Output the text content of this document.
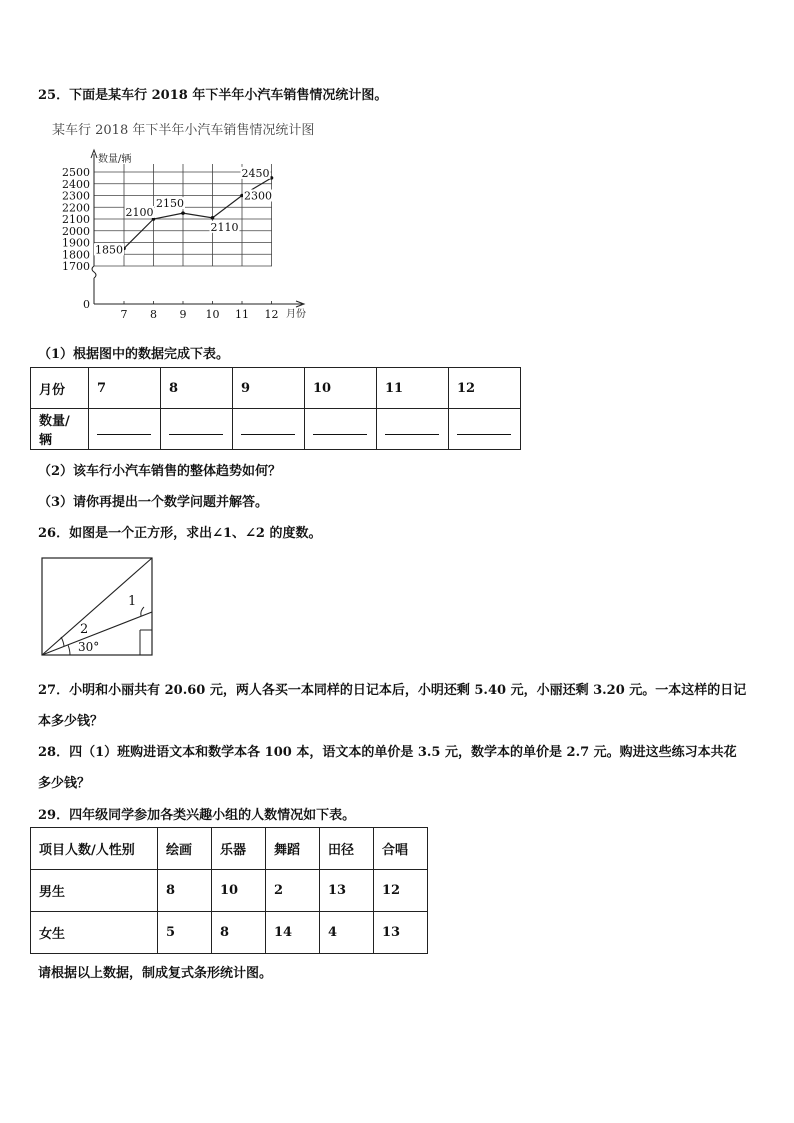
25．下面是某车行 2018 年下半年小汽车销售情况统计图。
某车行 2018 年下半年小汽车销售情况统计图
2500
2400
2300
2200
2100
2000
1900
1800
1700
0
7 8 9 10 11 12
1850
2100
2150
2110
2300
2450
数量/辆
月份
（1）根据图中的数据完成下表。
月份	7	8	9	10	11	12
数量/辆						
（2）该车行小汽车销售的整体趋势如何？
（3）请你再提出一个数学问题并解答。
26．如图是一个正方形，求出∠1、∠2 的度数。
1
2
30°
27．小明和小丽共有 20.60 元，两人各买一本同样的日记本后，小明还剩 5.40 元，小丽还剩 3.20 元。一本这样的日记
本多少钱？
28．四（1）班购进语文本和数学本各 100 本，语文本的单价是 3.5 元，数学本的单价是 2.7 元。购进这些练习本共花
多少钱？
29．四年级同学参加各类兴趣小组的人数情况如下表。
项目人数/人性别	绘画	乐器	舞蹈	田径	合唱
男生	8	10	2	13	12
女生	5	8	14	4	13
请根据以上数据，制成复式条形统计图。
